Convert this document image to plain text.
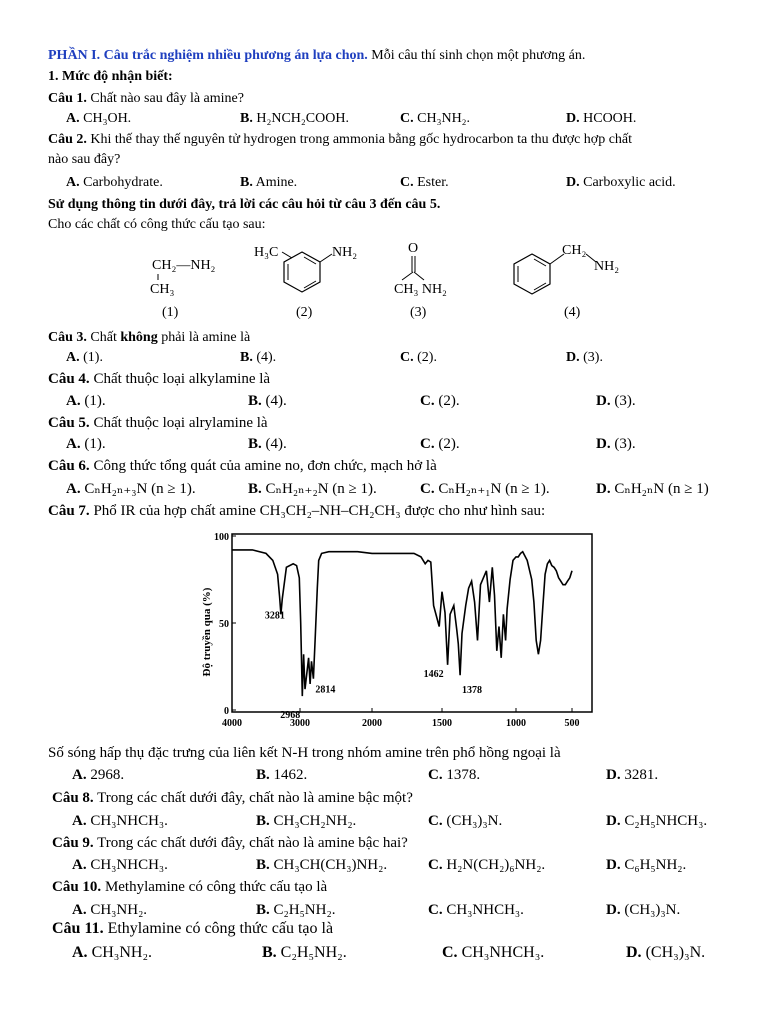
PHẦN I. Câu trắc nghiệm nhiều phương án lựa chọn. Mỗi câu thí sinh chọn một phương án.
1. Mức độ nhận biết:
Câu 1. Chất nào sau đây là amine?
A. CH₃OH.	B. H₂NCH₂COOH.	C. CH₃NH₂.	D. HCOOH.
Câu 2. Khi thế thay thế nguyên tử hydrogen trong ammonia bằng gốc hydrocarbon ta thu được hợp chất
nào sau đây?
A. Carbohydrate.	B. Amine.	C. Ester.	D. Carboxylic acid.
Sử dụng thông tin dưới đây, trả lời các câu hỏi từ câu 3 đến câu 5.
Cho các chất có công thức cấu tạo sau:
CH₂—NH₂
CH₃
(1)
H₃C	NH₂
(2)
O
CH₃ NH₂
(3)
CH₂
NH₂
(4)
Câu 3. Chất không phải là amine là
A. (1).	B. (4).	C. (2).	D. (3).
Câu 4. Chất thuộc loại alkylamine là
A. (1).	B. (4).	C. (2).	D. (3).
Câu 5. Chất thuộc loại alrylamine là
A. (1).	B. (4).	C. (2).	D. (3).
Câu 6. Công thức tổng quát của amine no, đơn chức, mạch hở là
A. CₙH₂ₙ₊₃N (n ≥ 1).	B. CₙH₂ₙ₊₂N (n ≥ 1).	C. CₙH₂ₙ₊₁N (n ≥ 1).	D. CₙH₂ₙN (n ≥ 1)
Câu 7. Phổ IR của hợp chất amine CH₃CH₂–NH–CH₂CH₃ được cho như hình sau:
Độ truyền qua (%)
4000	3000	2000	1500	1000	500
0
50
100
3281
2968
2814
1462
1378
Số sóng hấp thụ đặc trưng của liên kết N-H trong nhóm amine trên phổ hồng ngoại là
A. 2968.	B. 1462.	C. 1378.	D. 3281.
Câu 8. Trong các chất dưới đây, chất nào là amine bậc một?
A. CH₃NHCH₃.	B. CH₃CH₂NH₂.	C. (CH₃)₃N.	D. C₂H₅NHCH₃.
Câu 9. Trong các chất dưới đây, chất nào là amine bậc hai?
A. CH₃NHCH₃.	B. CH₃CH(CH₃)NH₂.	C. H₂N(CH₂)₆NH₂.	D. C₆H₅NH₂.
Câu 10. Methylamine có công thức cấu tạo là
A. CH₃NH₂.	B. C₂H₅NH₂.	C. CH₃NHCH₃.	D. (CH₃)₃N.
Câu 11. Ethylamine có công thức cấu tạo là
A. CH₃NH₂.	B. C₂H₅NH₂.	C. CH₃NHCH₃.	D. (CH₃)₃N.
